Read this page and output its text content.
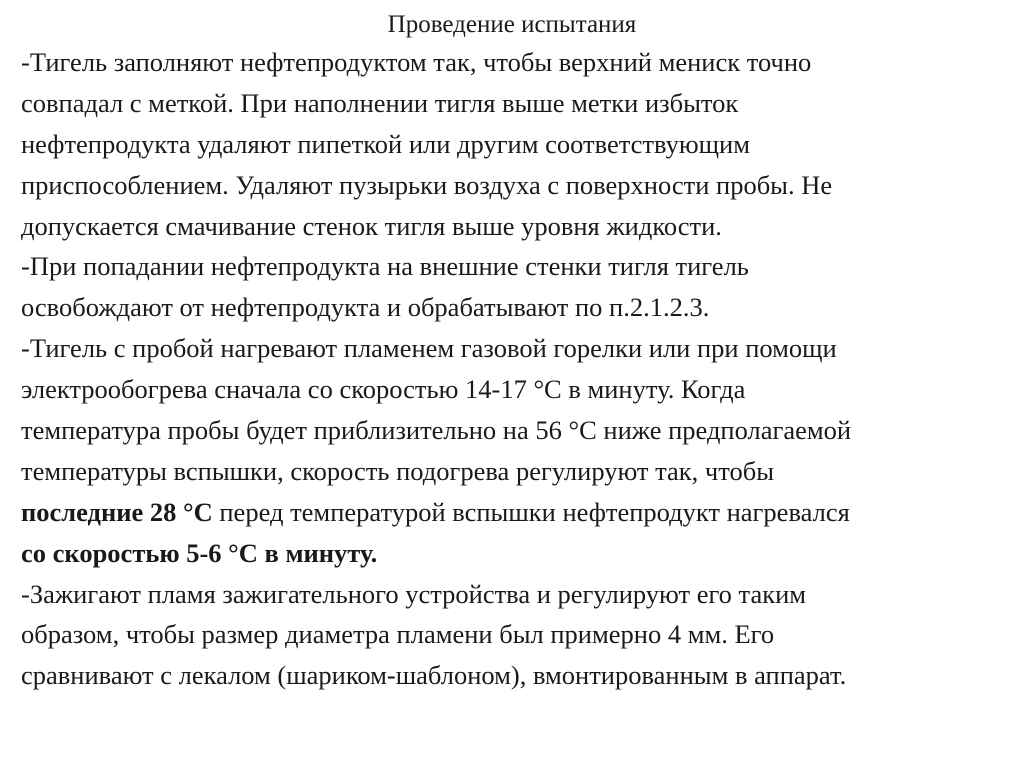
Проведение испытания
-Тигель заполняют нефтепродуктом так, чтобы верхний мениск точно
совпадал с меткой. При наполнении тигля выше метки избыток
нефтепродукта удаляют пипеткой или другим соответствующим
приспособлением. Удаляют пузырьки воздуха с поверхности пробы. Не
допускается смачивание стенок тигля выше уровня жидкости.
-При попадании нефтепродукта на внешние стенки тигля тигель
освобождают от нефтепродукта и обрабатывают по п.2.1.2.3.
-Тигель с пробой нагревают пламенем газовой горелки или при помощи
электрообогрева сначала со скоростью 14-17 °С в минуту. Когда
температура пробы будет приблизительно на 56 °С ниже предполагаемой
температуры вспышки, скорость подогрева регулируют так, чтобы
последние 28 °С перед температурой вспышки нефтепродукт нагревался
со скоростью 5-6 °С в минуту.
-Зажигают пламя зажигательного устройства и регулируют его таким
образом, чтобы размер диаметра пламени был примерно 4 мм. Его
сравнивают с лекалом (шариком-шаблоном), вмонтированным в аппарат.
